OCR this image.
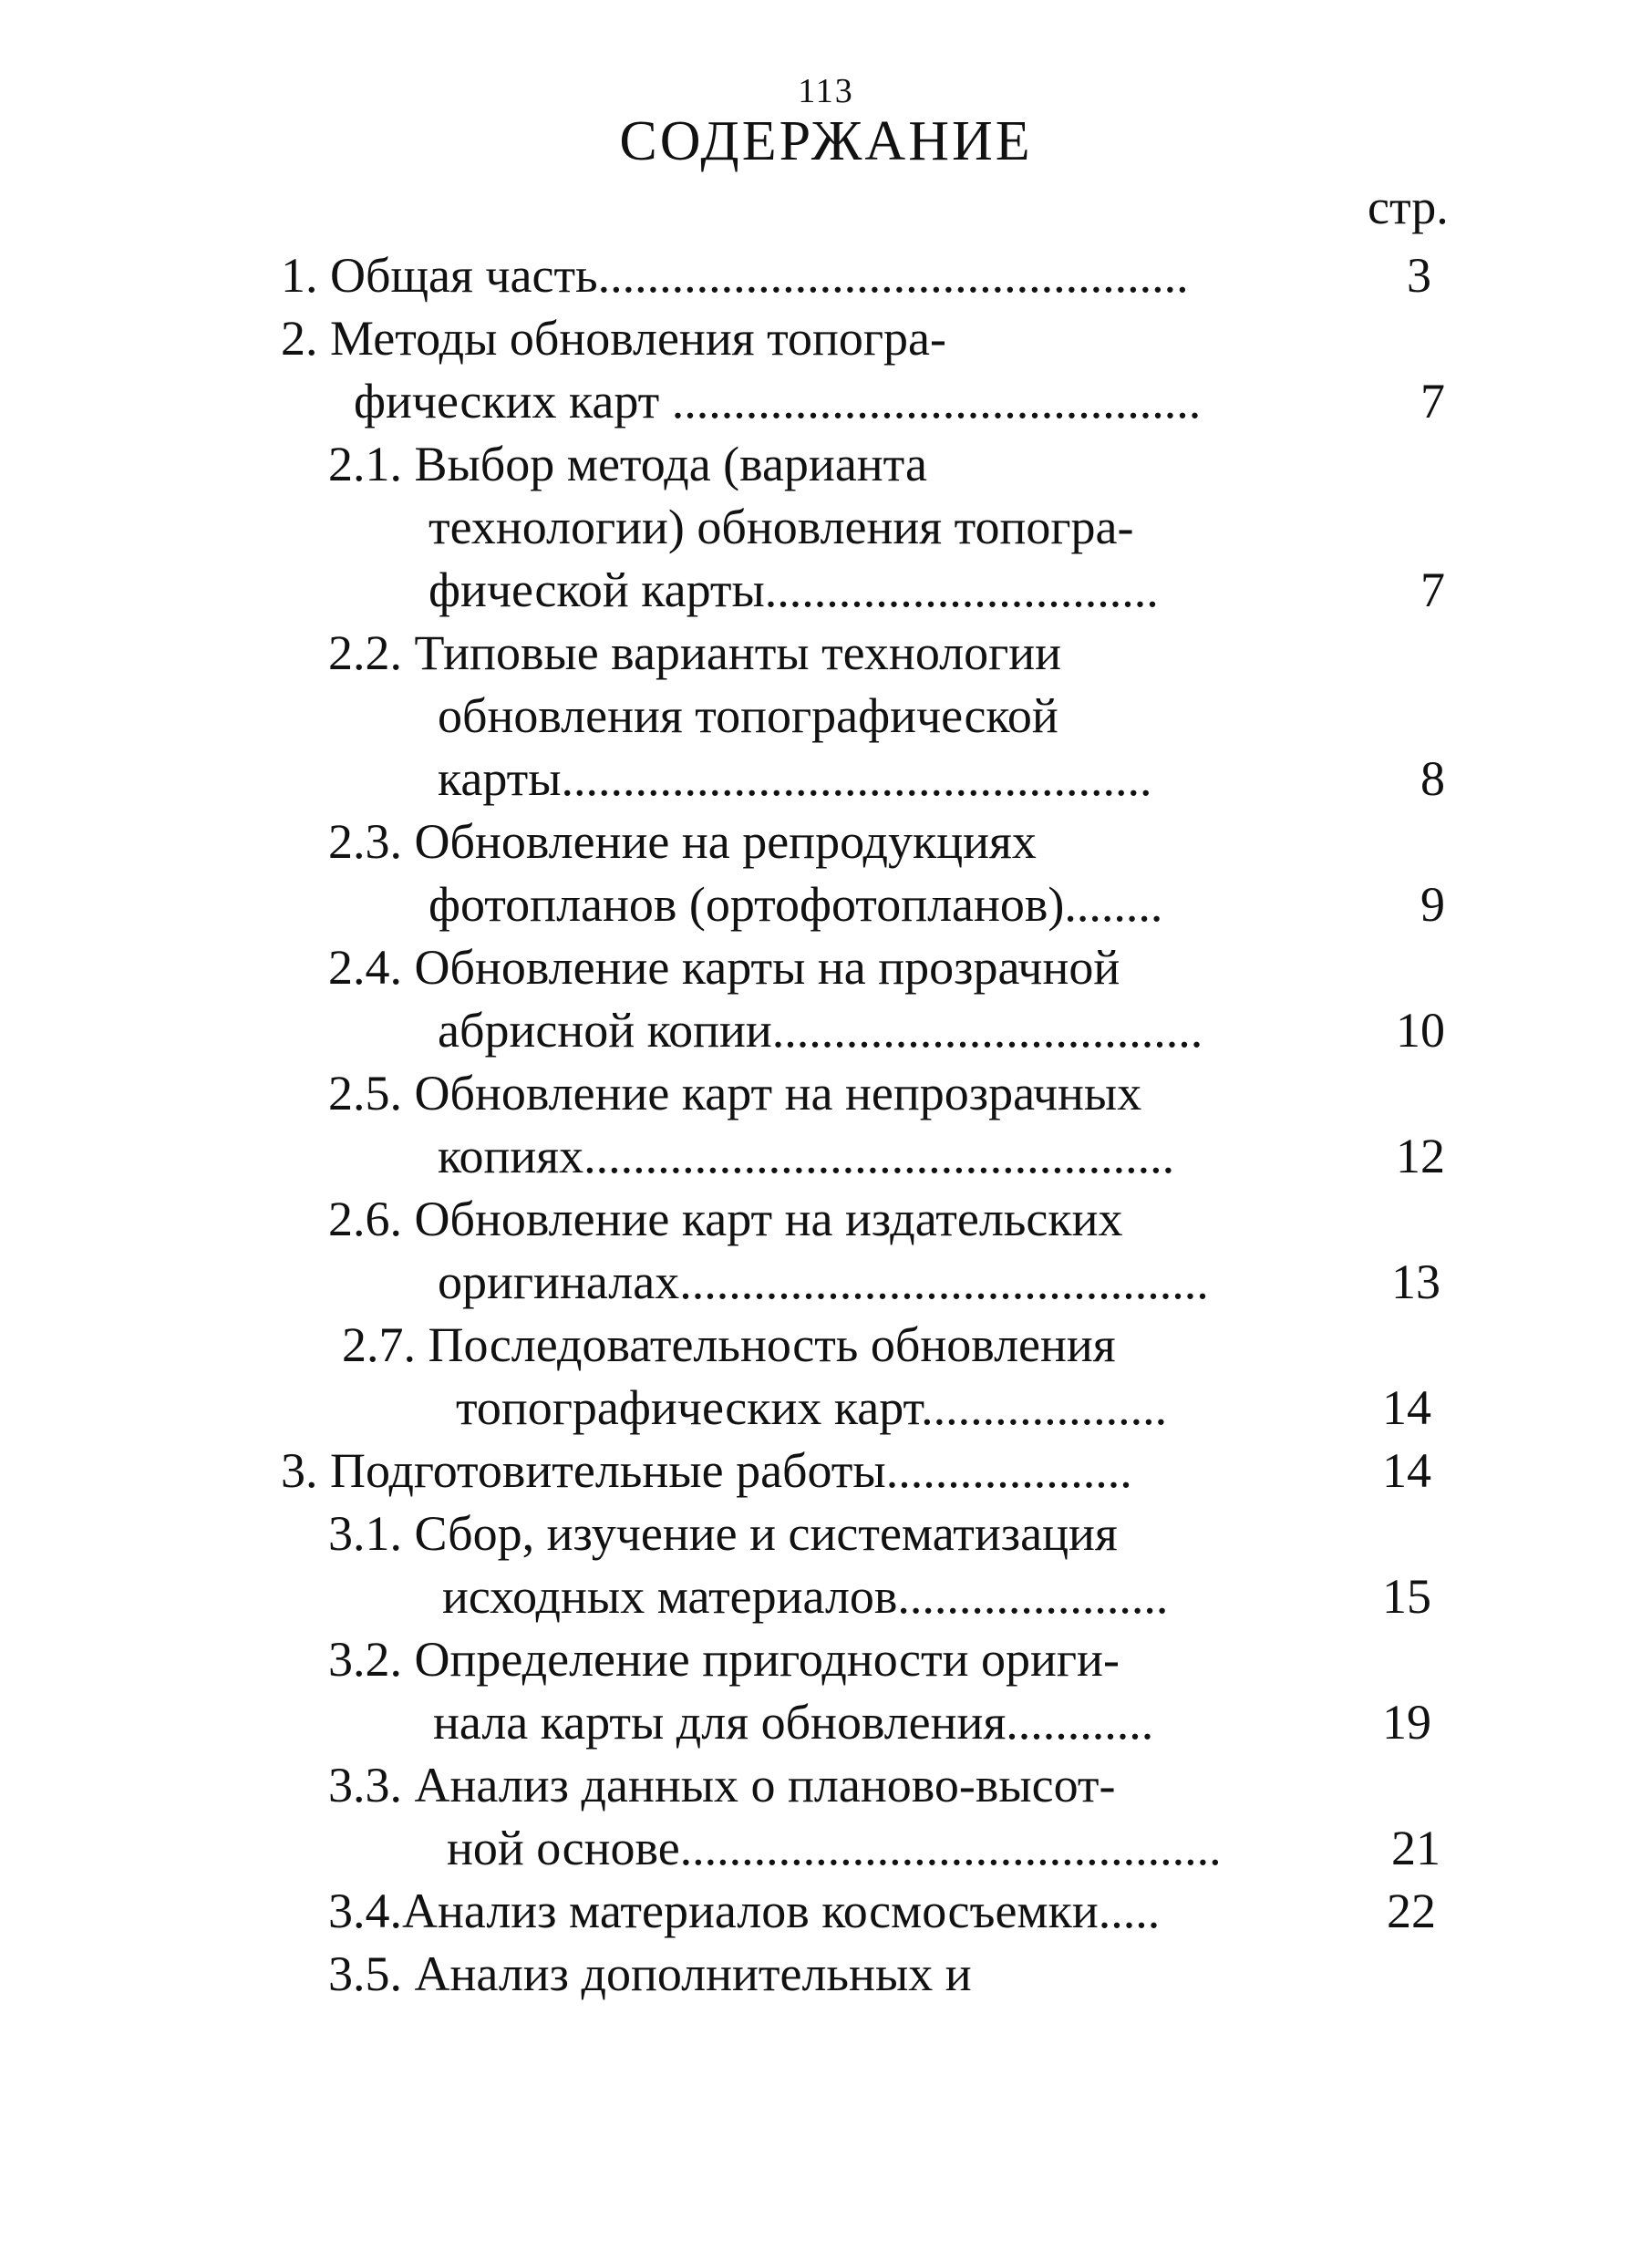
113
СОДЕРЖАНИЕ
стр.
1. Общая часть................................................	3
2. Методы обновления топогра-
фических карт ...........................................	7
2.1. Выбор метода (варианта
технологии) обновления топогра-
фической карты................................	7
2.2. Типовые варианты технологии
обновления топографической
карты................................................	8
2.3. Обновление на репродукциях
фотопланов (ортофотопланов)........	9
2.4. Обновление карты на прозрачной
абрисной копии...................................	10
2.5. Обновление карт на непрозрачных
копиях................................................	12
2.6. Обновление карт на издательских
оригиналах...........................................	13
2.7. Последовательность обновления
топографических карт....................	14
3. Подготовительные работы....................	14
3.1. Сбор, изучение и систематизация
исходных материалов......................	15
3.2. Определение пригодности ориги-
нала карты для обновления............	19
3.3. Анализ данных о планово-высот-
ной основе............................................	21
3.4.Анализ материалов космосъемки.....	22
3.5. Анализ дополнительных и
